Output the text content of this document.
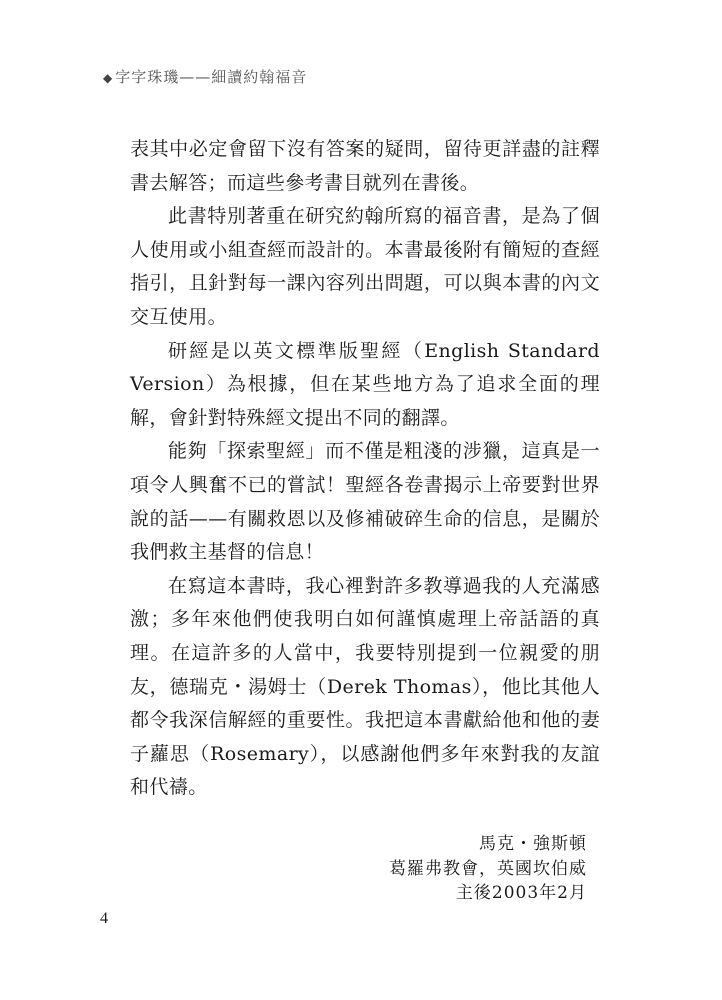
◆ 字字珠璣——細讀約翰福音

表其中必定會留下沒有答案的疑問，留待更詳盡的註釋書去解答；而這些參考書目就列在書後。

此書特別著重在研究約翰所寫的福音書，是為了個人使用或小組查經而設計的。本書最後附有簡短的查經指引，且針對每一課內容列出問題，可以與本書的內文交互使用。

研經是以英文標準版聖經（English Standard Version）為根據，但在某些地方為了追求全面的理解，會針對特殊經文提出不同的翻譯。

能夠「探索聖經」而不僅是粗淺的涉獵，這真是一項令人興奮不已的嘗試！聖經各卷書揭示上帝要對世界說的話——有關救恩以及修補破碎生命的信息，是關於我們救主基督的信息！

在寫這本書時，我心裡對許多教導過我的人充滿感激；多年來他們使我明白如何謹慎處理上帝話語的真理。在這許多的人當中，我要特別提到一位親愛的朋友，德瑞克・湯姆士（Derek Thomas），他比其他人都令我深信解經的重要性。我把這本書獻給他和他的妻子蘿思（Rosemary），以感謝他們多年來對我的友誼和代禱。

馬克・強斯頓
葛羅弗教會，英國坎伯威
主後2003年2月
4
